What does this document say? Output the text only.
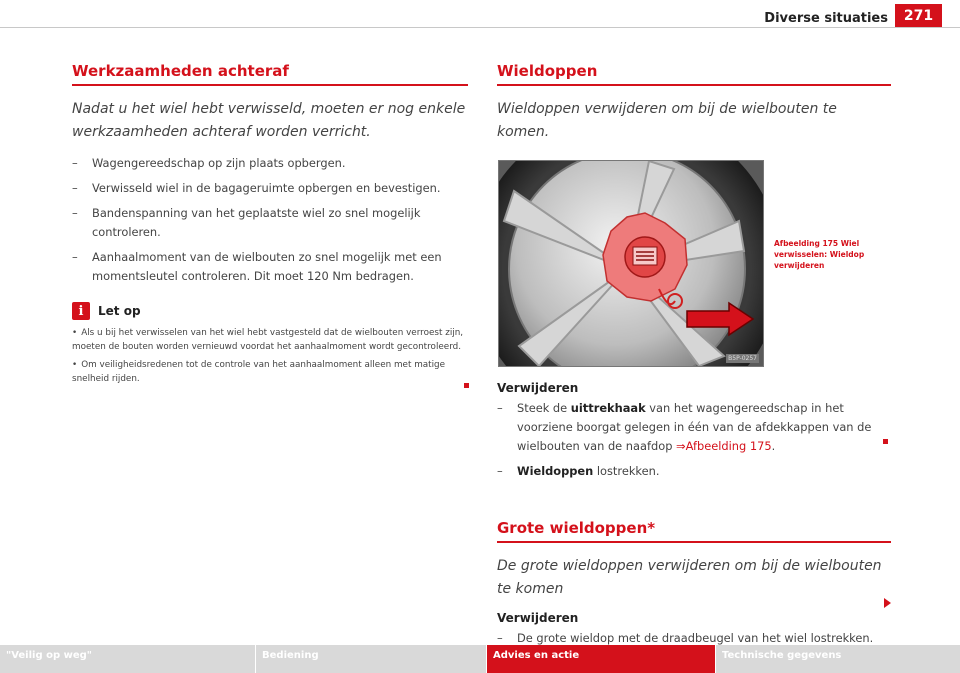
Diverse situaties	271
Werkzaamheden achteraf

Nadat u het wiel hebt verwisseld, moeten er nog enkele werkzaamheden achteraf worden verricht.

– Wagengereedschap op zijn plaats opbergen.
– Verwisseld wiel in de bagageruimte opbergen en bevestigen.
– Bandenspanning van het geplaatste wiel zo snel mogelijk controleren.
– Aanhaalmoment van de wielbouten zo snel mogelijk met een momentsleutel controleren. Dit moet 120 Nm bedragen.
i	Let op
• Als u bij het verwisselen van het wiel hebt vastgesteld dat de wielbouten verroest zijn, moeten de bouten worden vernieuwd voordat het aanhaalmoment wordt gecontroleerd.
• Om veiligheidsredenen tot de controle van het aanhaalmoment alleen met matige snelheid rijden.
Wieldoppen

Wieldoppen verwijderen om bij de wielbouten te komen.

B5P-0257
Afbeelding 175 Wiel verwisselen: Wieldop verwijderen
Verwijderen
– Steek de uittrekhaak van het wagengereedschap in het voorziene boorgat gelegen in één van de afdekkappen van de wielbouten van de naafdop ⇒Afbeelding 175.
– Wieldoppen lostrekken.
Grote wieldoppen*

De grote wieldoppen verwijderen om bij de wielbouten te komen

Verwijderen
– De grote wieldop met de draadbeugel van het wiel lostrekken.
"Veilig op weg"	Bediening	Advies en actie	Technische gegevens
